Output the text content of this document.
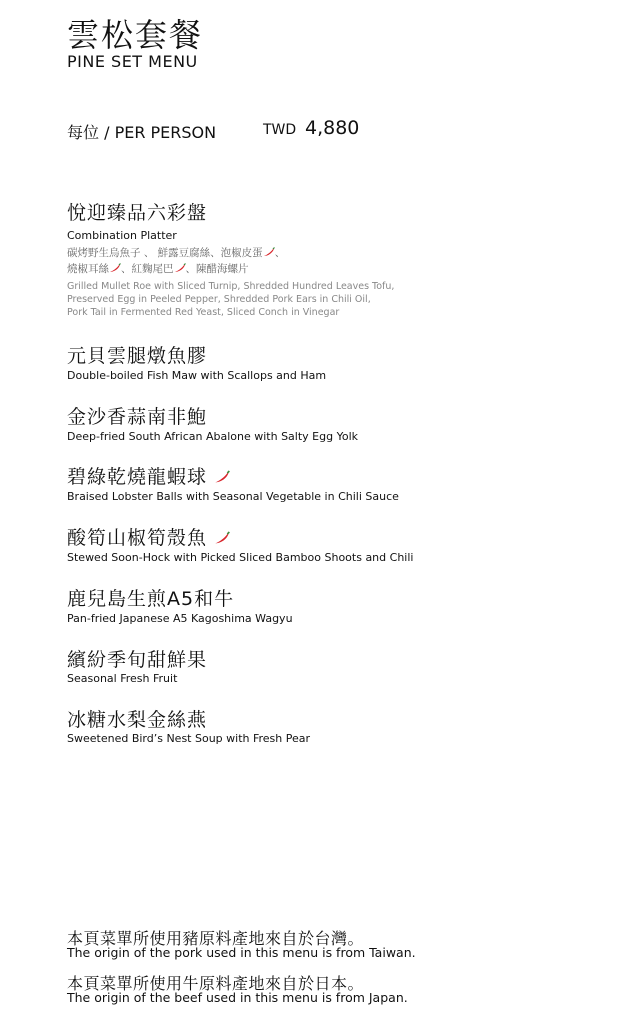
雲松套餐
PINE SET MENU
每位 / PER PERSON	TWD 4,880
悅迎臻品六彩盤
Combination Platter
碳烤野生烏魚子 、 鮮露豆腐絲、泡椒皮蛋 、
燒椒耳絲 、紅麴尾巴 、陳醋海螺片
Grilled Mullet Roe with Sliced Turnip, Shredded Hundred Leaves Tofu,
Preserved Egg in Peeled Pepper, Shredded Pork Ears in Chili Oil,
Pork Tail in Fermented Red Yeast, Sliced Conch in Vinegar
元貝雲腿燉魚膠
Double-boiled Fish Maw with Scallops and Ham
金沙香蒜南非鮑
Deep-fried South African Abalone with Salty Egg Yolk
碧綠乾燒龍蝦球
Braised Lobster Balls with Seasonal Vegetable in Chili Sauce
酸筍山椒筍殼魚
Stewed Soon-Hock with Picked Sliced Bamboo Shoots and Chili
鹿兒島生煎A5和牛
Pan-fried Japanese A5 Kagoshima Wagyu
繽紛季旬甜鮮果
Seasonal Fresh Fruit
冰糖水梨金絲燕
Sweetened Bird’s Nest Soup with Fresh Pear
本頁菜單所使用豬原料產地來自於台灣。
The origin of the pork used in this menu is from Taiwan.
本頁菜單所使用牛原料產地來自於日本。
The origin of the beef used in this menu is from Japan.
